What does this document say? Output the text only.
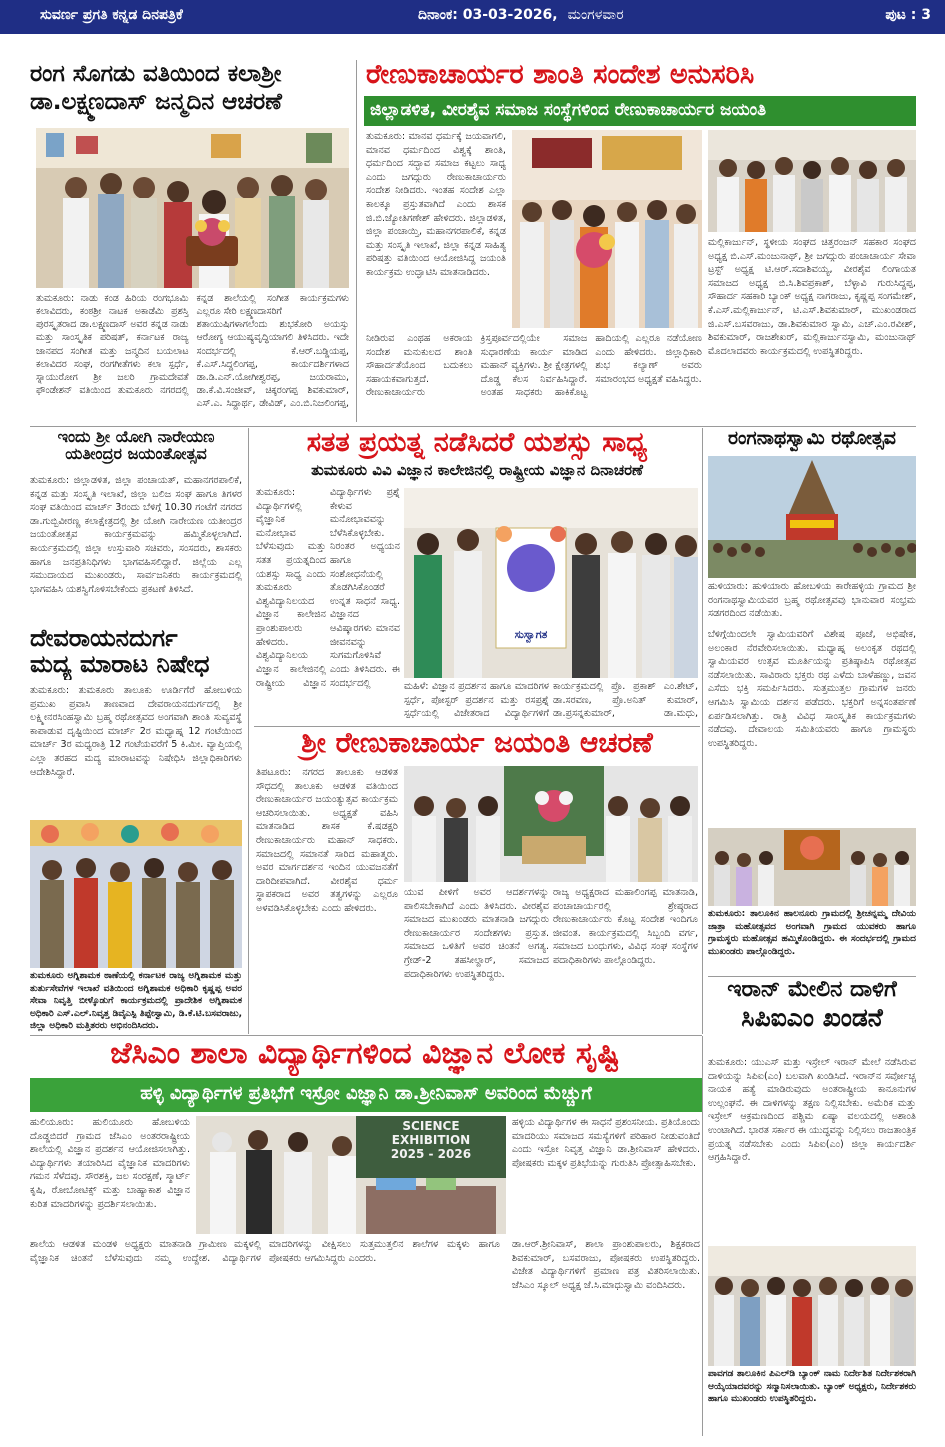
ಸುವರ್ಣ ಪ್ರಗತಿ ಕನ್ನಡ ದಿನಪತ್ರಿಕೆ	ದಿನಾಂಕ: 03-03-2026, ಮಂಗಳವಾರ	ಪುಟ : 3
ರಂಗ ಸೊಗಡು ವತಿಯಿಂದ ಕಲಾಶ್ರೀ
ಡಾ.ಲಕ್ಷ್ಮಣದಾಸ್ ಜನ್ಮದಿನ ಆಚರಣೆ
ತುಮಕೂರು: ನಾಡು ಕಂಡ ಹಿರಿಯ ರಂಗಭೂಮಿ ಕಲಾವಿದರು, ಕಂಠಶ್ರೀ ನಾಟಕ ಅಕಾಡೆಮಿ ಪ್ರಶಸ್ತಿ ಪುರಸ್ಕೃತರಾದ ಡಾ.ಲಕ್ಷ್ಮಣದಾಸ್ ಅವರ ಕನ್ನಡ ನಾಡು ಮತ್ತು ಸಾಂಸ್ಕೃತಿಕ ಪರಿಷತ್, ಕರ್ನಾಟಕ ರಾಜ್ಯ ಜಾನಪದ ಸಂಗೀತ ಮತ್ತು ಜನ್ಮದಿನ ಬಯಲಾಟ ಕಲಾವಿದರ ಸಂಘ, ರಂಗಗೀತೆಗಳು ಕಲಾ ಸ್ಪರ್ಧೆ, ಸ್ನಾಯುರೋಗ ಶ್ರೀ ಜಲರಿ ಗ್ರಾಮದೇವತೆ ಫೌಂಡೇಶನ್ ವತಿಯಿಂದ ತುಮಕೂರು ನಗರದಲ್ಲಿ ಕನ್ನಡ ಶಾಲೆಯಲ್ಲಿ ಸಂಗೀತ ಕಾರ್ಯಕ್ರಮಗಳು ಎಲ್ಲರೂ ಸೇರಿ ಲಕ್ಷ್ಮಣದಾಸರಿಗೆ
ಶತಾಯುಷಿಗಳಾಗಲೆಂದು ಶುಭಕೋರಿ ಅಯಸ್ಸು ಆರೋಗ್ಯ ಆಯುಷ್ಯವೃದ್ಧಿಯಾಗಲಿ ತಿಳಿಸಿದರು. ಇದೇ ಸಂದರ್ಭದಲ್ಲಿ ಕೆ.ಆರ್.ಬಡ್ಡಿಯಪ್ಪ, ಕೆ.ಎಸ್.ಸಿದ್ದಲಿಂಗಪ್ಪ, ಕಾರ್ಯದರ್ಶಿಗಳಾದ ಡಾ.ಡಿ.ಎನ್.ಯೋಗೀಶ್ವರಪ್ಪ, ಜಯರಾಮು, ಡಾ.ಕೆ.ವಿ.ಸಂಜೀವ್, ಚಿಕ್ಕರಂಗಪ್ಪ ಶಿವಕುಮಾರ್, ಎಸ್.ಎ. ಸಿದ್ದಾರ್ಥ, ಡೇವಿಡ್, ಎಂ.ಬಿ.ನಿಜಲಿಂಗಪ್ಪ,
ರೇಣುಕಾಚಾರ್ಯರ ಶಾಂತಿ ಸಂದೇಶ ಅನುಸರಿಸಿ
ಜಿಲ್ಲಾಡಳಿತ, ವೀರಶೈವ ಸಮಾಜ ಸಂಸ್ಥೆಗಳಿಂದ ರೇಣುಕಾಚಾರ್ಯರ ಜಯಂತಿ
ತುಮಕೂರು: ಮಾನವ ಧರ್ಮಕ್ಕೆ ಜಯವಾಗಲಿ, ಮಾನವ ಧರ್ಮದಿಂದ ವಿಶ್ವಕ್ಕೆ ಶಾಂತಿ, ಧರ್ಮದಿಂದ ಸದ್ಭಾವ ಸಮಾಜ ಕಟ್ಟಲು ಸಾಧ್ಯ ಎಂದು ಜಗದ್ಗುರು ರೇಣುಕಾಚಾರ್ಯರು ಸಂದೇಶ ನೀಡಿದರು. ಇಂತಹ ಸಂದೇಶ ಎಲ್ಲಾ ಕಾಲಕ್ಕೂ ಪ್ರಸ್ತುತವಾಗಿದೆ ಎಂದು ಶಾಸಕ ಜಿ.ಬಿ.ಜ್ಯೋತಿಗಣೇಶ್ ಹೇಳಿದರು. ಜಿಲ್ಲಾಡಳಿತ, ಜಿಲ್ಲಾ ಪಂಚಾಯ್ತಿ, ಮಹಾನಗರಪಾಲಿಕೆ, ಕನ್ನಡ ಮತ್ತು ಸಂಸ್ಕೃತಿ ಇಲಾಖೆ, ಜಿಲ್ಲಾ ಕನ್ನಡ ಸಾಹಿತ್ಯ ಪರಿಷತ್ತು ವತಿಯಿಂದ ಆಯೋಜಿಸಿದ್ದ ಜಯಂತಿ ಕಾರ್ಯಕ್ರಮ ಉದ್ಘಾಟಿಸಿ ಮಾತನಾಡಿದರು.
ಮಲ್ಲಿಕಾರ್ಜುನ್, ಸ್ಥಳೀಯ ಸಂಘದ ಚಿತ್ತರಂಜನ್ ಸಹಕಾರ ಸಂಘದ ಅಧ್ಯಕ್ಷ ಬಿ.ಎಸ್.ಮಂಜುನಾಥ್, ಶ್ರೀ ಜಗದ್ಗುರು ಪಂಚಾಚಾರ್ಯ ಸೇವಾ ಟ್ರಸ್ಟ್ ಅಧ್ಯಕ್ಷ ಟಿ.ಆರ್.ಸದಾಶಿವಯ್ಯ, ವೀರಶೈವ ಲಿಂಗಾಯತ ಸಮಾಜದ ಅಧ್ಯಕ್ಷ ಬಿ.ಸಿ.ಶಿವಪ್ರಕಾಶ್, ಬೆಳ್ಳಾವಿ ಗುರುಸಿದ್ದಪ್ಪ, ಸೌಹಾರ್ದ ಸಹಕಾರಿ ಬ್ಯಾಂಕ್ ಅಧ್ಯಕ್ಷ ನಾಗರಾಜು, ಕೃಷ್ಣಪ್ಪ ಸಂಗಮೇಶ್, ಕೆ.ಎಸ್.ಮಲ್ಲಿಕಾರ್ಜುನ್, ಟಿ.ಎಸ್.ಶಿವಕುಮಾರ್, ಮುಖಂಡರಾದ ಜಿ.ಎಸ್.ಬಸವರಾಜು, ಡಾ.ಶಿವಕುಮಾರ ಸ್ವಾಮಿ, ಎಚ್.ಎಂ.ರವೀಶ್, ಶಿವಕುಮಾರ್, ರಾಜಶೇಖರ್, ಮಲ್ಲಿಕಾರ್ಜುನಸ್ವಾಮಿ, ಮಂಜುನಾಥ್ ಮೊದಲಾದವರು ಕಾರ್ಯಕ್ರಮದಲ್ಲಿ ಉಪಸ್ಥಿತರಿದ್ದರು.
ನೀಡಿರುವ ಎಂಥಹ ಅಕರಾಯ ಸಂದೇಶ ಮನುಕುಲದ ಶಾಂತಿ ಸೌಹಾರ್ದತೆಯೊಂದ ಬದುಕಲು ಸಹಾಯಕವಾಗುತ್ತದೆ. ರೇಣುಕಾಚಾರ್ಯರು ಕ್ರಿಸ್ತಪೂರ್ವದಲ್ಲಿಯೇ ಸಮಾಜ ಸುಧಾರಣೆಯ ಕಾರ್ಯ ಮಾಡಿದ ಮಹಾನ್ ವ್ಯಕ್ತಿಗಳು. ಶ್ರೀ ಕ್ಷೇತ್ರಗಳಲ್ಲಿ ದೊಡ್ಡ ಕೆಲಸ ನಿರ್ವಹಿಸಿದ್ದಾರೆ. ಅಂತಹ ಸಾಧಕರು ಹಾಕಿಕೊಟ್ಟ ಹಾದಿಯಲ್ಲಿ ಎಲ್ಲರೂ ನಡೆಯೋಣ ಎಂದು ಹೇಳಿದರು. ಜಿಲ್ಲಾಧಿಕಾರಿ ಶುಭ ಕಲ್ಯಾಣ್ ಅವರು ಸಮಾರಂಭದ ಅಧ್ಯಕ್ಷತೆ ವಹಿಸಿದ್ದರು.
ಇಂದು ಶ್ರೀ ಯೋಗಿ ನಾರೇಯಣ
ಯತೀಂದ್ರರ ಜಯಂತೋತ್ಸವ
ತುಮಕೂರು: ಜಿಲ್ಲಾಡಳಿತ, ಜಿಲ್ಲಾ ಪಂಚಾಯತ್, ಮಹಾನಗರಪಾಲಿಕೆ, ಕನ್ನಡ ಮತ್ತು ಸಂಸ್ಕೃತಿ ಇಲಾಖೆ, ಜಿಲ್ಲಾ ಬಲಿಜ ಸಂಘ ಹಾಗೂ ತಿಗಳರ ಸಂಘ ವತಿಯಿಂದ ಮಾರ್ಚ್ 3ರಂದು ಬೆಳಿಗ್ಗೆ 10.30 ಗಂಟೆಗೆ ನಗರದ ಡಾ.ಗುಬ್ಬಿವೀರಣ್ಣ ಕಲಾಕ್ಷೇತ್ರದಲ್ಲಿ ಶ್ರೀ ಯೋಗಿ ನಾರೇಯಣ ಯತೀಂದ್ರರ ಜಯಂತೋತ್ಸವ ಕಾರ್ಯಕ್ರಮವನ್ನು ಹಮ್ಮಿಕೊಳ್ಳಲಾಗಿದೆ. ಕಾರ್ಯಕ್ರಮದಲ್ಲಿ ಜಿಲ್ಲಾ ಉಸ್ತುವಾರಿ ಸಚಿವರು, ಸಂಸದರು, ಶಾಸಕರು ಹಾಗೂ ಜನಪ್ರತಿನಿಧಿಗಳು ಭಾಗವಹಿಸಲಿದ್ದಾರೆ. ಜಿಲ್ಲೆಯ ಎಲ್ಲ ಸಮುದಾಯದ ಮುಖಂಡರು, ಸಾರ್ವಜನಿಕರು ಕಾರ್ಯಕ್ರಮದಲ್ಲಿ ಭಾಗವಹಿಸಿ ಯಶಸ್ವಿಗೊಳಿಸಬೇಕೆಂದು ಪ್ರಕಟಣೆ ತಿಳಿಸಿದೆ.
ದೇವರಾಯನದುರ್ಗ
ಮದ್ಯ ಮಾರಾಟ ನಿಷೇಧ
ತುಮಕೂರು: ತುಮಕೂರು ತಾಲೂಕು ಊರ್ಡಿಗೆರೆ ಹೋಬಳಿಯ ಪ್ರಮುಖ ಪ್ರವಾಸಿ ತಾಣವಾದ ದೇವರಾಯನದುರ್ಗದಲ್ಲಿ ಶ್ರೀ ಲಕ್ಷ್ಮೀನರಸಿಂಹಸ್ವಾಮಿ ಬ್ರಹ್ಮ ರಥೋತ್ಸವದ ಅಂಗವಾಗಿ ಶಾಂತಿ ಸುವ್ಯವಸ್ಥೆ ಕಾಪಾಡುವ ದೃಷ್ಟಿಯಿಂದ ಮಾರ್ಚ್ 2ರ ಮಧ್ಯಾಹ್ನ 12 ಗಂಟೆಯಿಂದ ಮಾರ್ಚ್ 3ರ ಮಧ್ಯರಾತ್ರಿ 12 ಗಂಟೆಯವರೆಗೆ 5 ಕಿ.ಮೀ. ವ್ಯಾಪ್ತಿಯಲ್ಲಿ ಎಲ್ಲಾ ತರಹದ ಮದ್ಯ ಮಾರಾಟವನ್ನು ನಿಷೇಧಿಸಿ ಜಿಲ್ಲಾಧಿಕಾರಿಗಳು ಆದೇಶಿಸಿದ್ದಾರೆ.
ತುಮಕೂರು ಅಗ್ನಿಶಾಮಕ ಠಾಣೆಯಲ್ಲಿ ಕರ್ನಾಟಕ ರಾಜ್ಯ ಅಗ್ನಿಶಾಮಕ ಮತ್ತು ತುರ್ತುಸೇವೆಗಳ ಇಲಾಖೆ ವತಿಯಿಂದ ಅಗ್ನಿಶಾಮಕ ಅಧಿಕಾರಿ ಕೃಷ್ಣಪ್ಪ ಅವರ ಸೇವಾ ನಿವೃತ್ತಿ ಬೀಳ್ಕೊಡುಗೆ ಕಾರ್ಯಕ್ರಮದಲ್ಲಿ ಪ್ರಾದೇಶಿಕ ಅಗ್ನಿಶಾಮಕ ಅಧಿಕಾರಿ ಎಸ್.ಎಲ್.ನಿವೃತ್ತ ಡಿವೈಎಸ್ಪಿ ತಿಪ್ಪೇಸ್ವಾಮಿ, ಡಿ.ಕೆ.ಟಿ.ಬಸವರಾಜು, ಜಿಲ್ಲಾ ಅಧಿಕಾರಿ ಮತ್ತಿತರರು ಅಭಿನಂದಿಸಿದರು.
ಸತತ ಪ್ರಯತ್ನ ನಡೆಸಿದರೆ ಯಶಸ್ಸು ಸಾಧ್ಯ
ತುಮಕೂರು ವಿವಿ ವಿಜ್ಞಾನ ಕಾಲೇಜಿನಲ್ಲಿ ರಾಷ್ಟ್ರೀಯ ವಿಜ್ಞಾನ ದಿನಾಚರಣೆ
ತುಮಕೂರು: ವಿದ್ಯಾರ್ಥಿಗಳಲ್ಲಿ ವೈಜ್ಞಾನಿಕ ಮನೋಭಾವ ಬೆಳೆಸುವುದು ಮತ್ತು ಸತತ ಪ್ರಯತ್ನದಿಂದ ಯಶಸ್ಸು ಸಾಧ್ಯ ಎಂದು ತುಮಕೂರು ವಿಶ್ವವಿದ್ಯಾನಿಲಯದ ವಿಜ್ಞಾನ ಕಾಲೇಜಿನ ಪ್ರಾಂಶುಪಾಲರು ಹೇಳಿದರು. ವಿಶ್ವವಿದ್ಯಾನಿಲಯ ವಿಜ್ಞಾನ ಕಾಲೇಜಿನಲ್ಲಿ ರಾಷ್ಟ್ರೀಯ ವಿಜ್ಞಾನ
ವಿದ್ಯಾರ್ಥಿಗಳು ಪ್ರಶ್ನೆ ಕೇಳುವ ಮನೋಭಾವವನ್ನು ಬೆಳೆಸಿಕೊಳ್ಳಬೇಕು. ನಿರಂತರ ಅಧ್ಯಯನ ಹಾಗೂ ಸಂಶೋಧನೆಯಲ್ಲಿ ತೊಡಗಿಸಿಕೊಂಡರೆ ಉನ್ನತ ಸಾಧನೆ ಸಾಧ್ಯ. ವಿಜ್ಞಾನದ ಆವಿಷ್ಕಾರಗಳು ಮಾನವ ಜೀವನವನ್ನು ಸುಗಮಗೊಳಿಸಿವೆ ಎಂದು ತಿಳಿಸಿದರು. ಈ ಸಂದರ್ಭದಲ್ಲಿ
ಸುಸ್ವಾಗತ
ಮಹಿಳೆ: ವಿಜ್ಞಾನ ಪ್ರದರ್ಶನ ಹಾಗೂ ಮಾದರಿಗಳ ಸ್ಪರ್ಧೆ, ಪೋಸ್ಟರ್ ಪ್ರದರ್ಶನ ಮತ್ತು ರಸಪ್ರಶ್ನೆ ಸ್ಪರ್ಧೆಯಲ್ಲಿ ವಿಜೇತರಾದ ವಿದ್ಯಾರ್ಥಿಗಳಿಗೆ
ಕಾರ್ಯಕ್ರಮದಲ್ಲಿ ಪ್ರೊ. ಪ್ರಕಾಶ್ ಎಂ.ಶೇಟ್, ಡಾ.ಸರವಣ, ಪ್ರೊ.ಅನಿತ್ ಕುಮಾರ್, ಡಾ.ಪ್ರಸನ್ನಕುಮಾರ್, ಡಾ.ಮಧು,
ಶ್ರೀ ರೇಣುಕಾಚಾರ್ಯ ಜಯಂತಿ ಆಚರಣೆ
ತಿಪಟೂರು: ನಗರದ ತಾಲೂಕು ಆಡಳಿತ ಸೌಧದಲ್ಲಿ ತಾಲೂಕು ಆಡಳಿತ ವತಿಯಿಂದ ರೇಣುಕಾಚಾರ್ಯರ ಜಯಂತ್ಯುತ್ಸವ ಕಾರ್ಯಕ್ರಮ ಆಚರಿಸಲಾಯಿತು. ಅಧ್ಯಕ್ಷತೆ ವಹಿಸಿ ಮಾತನಾಡಿದ ಶಾಸಕ ಕೆ.ಷಡಕ್ಷರಿ ರೇಣುಕಾಚಾರ್ಯರು ಮಹಾನ್ ಸಾಧಕರು. ಸಮಾಜದಲ್ಲಿ ಸಮಾನತೆ ಸಾರಿದ ಮಹಾತ್ಮರು. ಅವರ ಮಾರ್ಗದರ್ಶನ ಇಂದಿನ ಯುವಜನತೆಗೆ ದಾರಿದೀಪವಾಗಿದೆ. ವೀರಶೈವ ಧರ್ಮ ಸ್ಥಾಪಕರಾದ ಅವರ ತತ್ವಗಳನ್ನು ಎಲ್ಲರೂ ಅಳವಡಿಸಿಕೊಳ್ಳಬೇಕು ಎಂದು ಹೇಳಿದರು.
ಯುವ ಪೀಳಿಗೆ ಅವರ ಆದರ್ಶಗಳನ್ನು ಪಾಲಿಸಬೇಕಾಗಿದೆ ಎಂದು ತಿಳಿಸಿದರು. ವೀರಶೈವ ಸಮಾಜದ ಮುಖಂಡರು ಮಾತನಾಡಿ ಜಗದ್ಗುರು ರೇಣುಕಾಚಾರ್ಯರ ಸಂದೇಶಗಳು ಪ್ರಸ್ತುತ. ಸಮಾಜದ ಒಳಿತಿಗೆ ಅವರ ಚಿಂತನೆ ಅಗತ್ಯ. ಗ್ರೇಡ್-2 ತಹಸೀಲ್ದಾರ್, ಸಮಾಜದ ಪದಾಧಿಕಾರಿಗಳು ಉಪಸ್ಥಿತರಿದ್ದರು.
ರಾಜ್ಯ ಅಧ್ಯಕ್ಷರಾದ ಮಹಾಲಿಂಗಪ್ಪ ಮಾತನಾಡಿ, ಪಂಚಾಚಾರ್ಯರಲ್ಲಿ ಶ್ರೇಷ್ಠರಾದ ರೇಣುಕಾಚಾರ್ಯರು ಕೊಟ್ಟ ಸಂದೇಶ ಇಂದಿಗೂ ಜೀವಂತ. ಕಾರ್ಯಕ್ರಮದಲ್ಲಿ ಸಿಬ್ಬಂದಿ ವರ್ಗ, ಸಮಾಜದ ಬಂಧುಗಳು, ವಿವಿಧ ಸಂಘ ಸಂಸ್ಥೆಗಳ ಪದಾಧಿಕಾರಿಗಳು ಪಾಲ್ಗೊಂಡಿದ್ದರು.
ರಂಗನಾಥಸ್ವಾಮಿ ರಥೋತ್ಸವ
ಹುಳಿಯಾರು: ಹುಳಿಯಾರು ಹೋಬಳಿಯ ಕಾರೇಹಳ್ಳಿಯ ಗ್ರಾಮದ ಶ್ರೀ ರಂಗನಾಥಸ್ವಾಮಿಯವರ ಬ್ರಹ್ಮ ರಥೋತ್ಸವವು ಭಾನುವಾರ ಸಂಭ್ರಮ ಸಡಗರದಿಂದ ನಡೆಯಿತು.
ಬೆಳಿಗ್ಗೆಯಿಂದಲೇ ಸ್ವಾಮಿಯವರಿಗೆ ವಿಶೇಷ ಪೂಜೆ, ಅಭಿಷೇಕ, ಅಲಂಕಾರ ನೆರವೇರಿಸಲಾಯಿತು. ಮಧ್ಯಾಹ್ನ ಅಲಂಕೃತ ರಥದಲ್ಲಿ ಸ್ವಾಮಿಯವರ ಉತ್ಸವ ಮೂರ್ತಿಯನ್ನು ಪ್ರತಿಷ್ಠಾಪಿಸಿ ರಥೋತ್ಸವ ನಡೆಸಲಾಯಿತು. ಸಾವಿರಾರು ಭಕ್ತರು ರಥ ಎಳೆದು ಬಾಳೆಹಣ್ಣು, ಜವನ ಎಸೆದು ಭಕ್ತಿ ಸಮರ್ಪಿಸಿದರು. ಸುತ್ತಮುತ್ತಲ ಗ್ರಾಮಗಳ ಜನರು ಆಗಮಿಸಿ ಸ್ವಾಮಿಯ ದರ್ಶನ ಪಡೆದರು. ಭಕ್ತರಿಗೆ ಅನ್ನಸಂತರ್ಪಣೆ ಏರ್ಪಡಿಸಲಾಗಿತ್ತು. ರಾತ್ರಿ ವಿವಿಧ ಸಾಂಸ್ಕೃತಿಕ ಕಾರ್ಯಕ್ರಮಗಳು ನಡೆದವು. ದೇವಾಲಯ ಸಮಿತಿಯವರು ಹಾಗೂ ಗ್ರಾಮಸ್ಥರು ಉಪಸ್ಥಿತರಿದ್ದರು.
ತುಮಕೂರು: ತಾಲೂಕಿನ ಹಾಲನೂರು ಗ್ರಾಮದಲ್ಲಿ ಶ್ರೀಚನ್ನಮ್ಮ ದೇವಿಯ ಜಾತ್ರಾ ಮಹೋತ್ಸವದ ಅಂಗವಾಗಿ ಗ್ರಾಮದ ಯುವಕರು ಹಾಗೂ ಗ್ರಾಮಸ್ಥರು ಮಹೋತ್ಸವ ಹಮ್ಮಿಕೊಂಡಿದ್ದರು. ಈ ಸಂದರ್ಭದಲ್ಲಿ ಗ್ರಾಮದ ಮುಖಂಡರು ಪಾಲ್ಗೊಂಡಿದ್ದರು.
ಇರಾನ್ ಮೇಲಿನ ದಾಳಿಗೆ
ಸಿಪಿಐಎಂ ಖಂಡನೆ
ತುಮಕೂರು: ಯುಎಸ್ ಮತ್ತು ಇಸ್ರೇಲ್ ಇರಾನ್ ಮೇಲೆ ನಡೆಸಿರುವ ದಾಳಿಯನ್ನು ಸಿಪಿಐ(ಎಂ) ಬಲವಾಗಿ ಖಂಡಿಸಿದೆ. ಇರಾನ್‌ನ ಸರ್ವೋಚ್ಚ ನಾಯಕ ಹತ್ಯೆ ಮಾಡಿರುವುದು ಅಂತರಾಷ್ಟ್ರೀಯ ಕಾನೂನುಗಳ ಉಲ್ಲಂಘನೆ. ಈ ದಾಳಿಗಳನ್ನು ತಕ್ಷಣ ನಿಲ್ಲಿಸಬೇಕು. ಅಮೆರಿಕ ಮತ್ತು ಇಸ್ರೇಲ್ ಆಕ್ರಮಣದಿಂದ ಪಶ್ಚಿಮ ಏಷ್ಯಾ ವಲಯದಲ್ಲಿ ಅಶಾಂತಿ ಉಂಟಾಗಿದೆ. ಭಾರತ ಸರ್ಕಾರ ಈ ಯುದ್ಧವನ್ನು ನಿಲ್ಲಿಸಲು ರಾಜತಾಂತ್ರಿಕ ಪ್ರಯತ್ನ ನಡೆಸಬೇಕು ಎಂದು ಸಿಪಿಐ(ಎಂ) ಜಿಲ್ಲಾ ಕಾರ್ಯದರ್ಶಿ ಆಗ್ರಹಿಸಿದ್ದಾರೆ.
ಪಾವಗಡ ತಾಲೂಕಿನ ಪಿಎಲ್‌ಡಿ ಬ್ಯಾಂಕ್ ನಾಮ ನಿರ್ದೇಶಿತ ನಿರ್ದೇಶಕರಾಗಿ ಆಯ್ಕೆಯಾದವರನ್ನು ಸನ್ಮಾನಿಸಲಾಯಿತು. ಬ್ಯಾಂಕ್ ಅಧ್ಯಕ್ಷರು, ನಿರ್ದೇಶಕರು ಹಾಗೂ ಮುಖಂಡರು ಉಪಸ್ಥಿತರಿದ್ದರು.
ಜೆಸಿಎಂ ಶಾಲಾ ವಿದ್ಯಾರ್ಥಿಗಳಿಂದ ವಿಜ್ಞಾನ ಲೋಕ ಸೃಷ್ಟಿ
ಹಳ್ಳಿ ವಿದ್ಯಾರ್ಥಿಗಳ ಪ್ರತಿಭೆಗೆ ಇಸ್ರೋ ವಿಜ್ಞಾನಿ ಡಾ.ಶ್ರೀನಿವಾಸ್ ಅವರಿಂದ ಮೆಚ್ಚುಗೆ
ಹುಲಿಯೂರು: ಹುಲಿಯೂರು ಹೋಬಳಿಯ ದೊಡ್ಡಬಿದರೆ ಗ್ರಾಮದ ಜೆಸಿಎಂ ಅಂತರರಾಷ್ಟ್ರೀಯ ಶಾಲೆಯಲ್ಲಿ ವಿಜ್ಞಾನ ಪ್ರದರ್ಶನ ಆಯೋಜಿಸಲಾಗಿತ್ತು. ವಿದ್ಯಾರ್ಥಿಗಳು ತಯಾರಿಸಿದ ವೈಜ್ಞಾನಿಕ ಮಾದರಿಗಳು ಗಮನ ಸೆಳೆದವು. ಸೌರಶಕ್ತಿ, ಜಲ ಸಂರಕ್ಷಣೆ, ಸ್ಮಾರ್ಟ್ ಕೃಷಿ, ರೋಬೋಟಿಕ್ಸ್ ಮತ್ತು ಬಾಹ್ಯಾಕಾಶ ವಿಜ್ಞಾನ ಕುರಿತ ಮಾದರಿಗಳನ್ನು ಪ್ರದರ್ಶಿಸಲಾಯಿತು.
SCIENCE
EXHIBITION
2025 - 2026
ಹಳ್ಳಿಯ ವಿದ್ಯಾರ್ಥಿಗಳ ಈ ಸಾಧನೆ ಪ್ರಶಂಸನೀಯ. ಪ್ರತಿಯೊಂದು ಮಾದರಿಯು ಸಮಾಜದ ಸಮಸ್ಯೆಗಳಿಗೆ ಪರಿಹಾರ ನೀಡುವಂತಿದೆ ಎಂದು ಇಸ್ರೋ ನಿವೃತ್ತ ವಿಜ್ಞಾನಿ ಡಾ.ಶ್ರೀನಿವಾಸ್ ಹೇಳಿದರು. ಪೋಷಕರು ಮಕ್ಕಳ ಪ್ರತಿಭೆಯನ್ನು ಗುರುತಿಸಿ ಪ್ರೋತ್ಸಾಹಿಸಬೇಕು.
ಶಾಲೆಯ ಆಡಳಿತ ಮಂಡಳಿ ಅಧ್ಯಕ್ಷರು ಮಾತನಾಡಿ ಗ್ರಾಮೀಣ ಮಕ್ಕಳಲ್ಲಿ ವೈಜ್ಞಾನಿಕ ಚಿಂತನೆ ಬೆಳೆಸುವುದು ನಮ್ಮ ಉದ್ದೇಶ. ವಿದ್ಯಾರ್ಥಿಗಳ ಮಾದರಿಗಳನ್ನು ವೀಕ್ಷಿಸಲು ಸುತ್ತಮುತ್ತಲಿನ ಶಾಲೆಗಳ ಮಕ್ಕಳು ಹಾಗೂ ಪೋಷಕರು ಆಗಮಿಸಿದ್ದರು ಎಂದರು.
ಡಾ.ಆರ್.ಶ್ರೀನಿವಾಸ್, ಶಾಲಾ ಪ್ರಾಂಶುಪಾಲರು, ಶಿಕ್ಷಕರಾದ ಶಿವಕುಮಾರ್, ಬಸವರಾಜು, ಪೋಷಕರು ಉಪಸ್ಥಿತರಿದ್ದರು. ವಿಜೇತ ವಿದ್ಯಾರ್ಥಿಗಳಿಗೆ ಪ್ರಮಾಣ ಪತ್ರ ವಿತರಿಸಲಾಯಿತು. ಜೆಸಿಎಂ ಸ್ಕೂಲ್ ಅಧ್ಯಕ್ಷ ಜೆ.ಸಿ.ಮಾಧುಸ್ವಾಮಿ ವಂದಿಸಿದರು.
